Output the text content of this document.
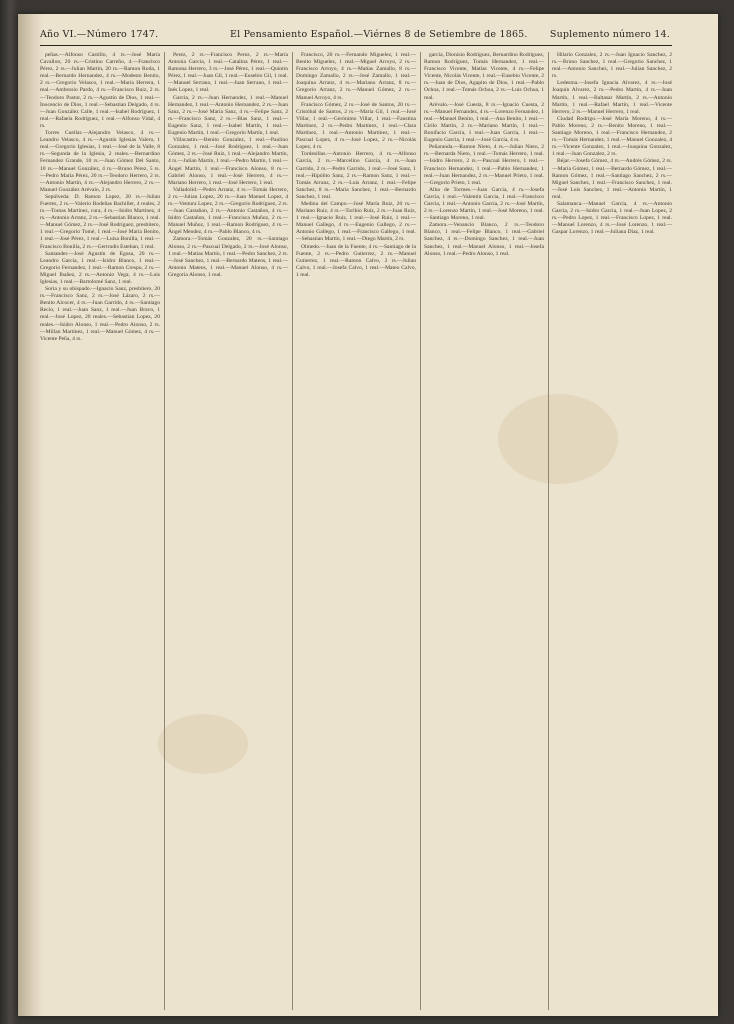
Año VI.—Número 1747.	El Pensamiento Español.—Viérnes 8 de Setiembre de 1865. Suplemento número 14.

peñas.—Alfonso Castillo, 4 rs.—José María Cavallon, 20 rs.—Cristino Carreño, 4.—Francisco Pérez, 2 rs.—Julian Martín, 20 rs.—Ramon Roda, 1 real.—Bernardo Hernandez, 4 rs.—Modesto Benito, 2 rs.—Gregorio Velasco, 1 real.—María Herrera, 1 real.—Ambrosio Pardo, 4 rs.—Francisco Ruiz, 2 rs.—Teodoro Pastor, 2 rs.—Agustín de Dios, 1 real.—Inocencio de Dios, 1 real.—Sebastian Delgado, 4 rs.—Juan González Calle, 1 real.—Isabel Rodríguez, 1 real.—Rafaela Rodríguez, 1 real.—Alfonso Vidal, 4 rs.

Torres Cuellar.—Alejandro Velasco, 4 rs.—Leandro Velasco, 4 rs.—Agustín Iglesias Valero, 1 real.—Gregorio Iglesias, 1 real.—José de la Valle, 8 rs.—Segunda de la Iglesia, 2 reales.—Bernardino Fernandez Grande, 10 rs.—Juan Gómez Del Santo, 10 rs.—Manuel González, 4 rs.—Bruno Pérez, 5 rs.—Pedro María Pérez, 20 rs.—Teodoro Herrero, 2 rs.—Antonio Martín, 4 rs.—Alejandro Herrero, 2 rs.—Manuel González Arévalo, 2 rs.

Sepúlveda: D. Ramon Lopez, 20 rs.—Julian Fuertes, 2 rs.—Valerio Bodeñas Bachiller, 4 reales, 2 rs.—Tomas Martínez, cura, 4 rs.—Isidro Martinez, 4 rs.—Antonio Arranz, 2 rs.—Sebastian Blanco, 1 real.—Manuel Gómez, 2 rs.—José Rodríguez, presbítero, 1 real.—Gregorio Tomé, 1 real.—José María Benito, 1 real.—José Pérez, 1 real.—Luisa Bonilla, 1 real.—Francisco Bonilla, 2 rs.—Gertrudis Esteban, 1 real.

Santander.—José Agustín de Egusa, 20 rs.—Leandro Garcia, 1 real.—Isidro Blanco, 1 real.—Gregorio Fernandez, 1 real.—Ramon Crespo, 2 rs.—Miguel Ibañez, 2 rs.—Antonio Vega, 4 rs.—Luis Iglesias, 1 real.—Bartolomé Sanz, 1 real.

Soria y su obispado.—Ignacio Sanz, presbítero, 20 rs.—Francisco Sanz, 2 rs.—José Lázaro, 2 rs.—Benito Alcocer, 4 rs.—Juan Garrido, 4 rs.—Santiago Recio, 1 real.—Juan Sanz, 1 real.—Juan Bravo, 1 real.—José Lopez, 20 reales.—Sebastian Lopez, 20 reales.—Isidro Alonso, 1 real.—Pedro Alonso, 2 rs.—Millan Martínez, 1 real.—Manuel Gómez, 4 rs.—Vicente Peña, 4 rs.

Perez, 2 rs.—Francisco Perez, 2 rs.—María Antonia Garcia, 1 real.—Catalina Pérez, 1 real.—Ramona Herrero, 3 rs.—José Pérez, 1 real.—Quintín Pérez, 1 real.—Juan Gil, 1 real.—Eusebio Gil, 1 real.—Manuel Serrano, 1 real.—Juan Serrano, 1 real.—Inés Lopez, 1 real.

Garcia, 2 rs.—Juan Hernandez, 1 real.—Manuel Hernandez, 1 real.—Antonio Hernandez, 2 rs.—Juan Sanz, 2 rs.—José María Sanz, 4 rs.—Felipe Sanz, 2 rs.—Francisco Sanz, 2 rs.—Blas Sanz, 1 real.—Eugenio Sanz, 1 real.—Isabel Martín, 1 real.—Eugenio Martín, 1 real.—Gregorio Martín, 1 real.

Villacastin.—Benito Gonzalez, 1 real.—Paulino Gonzalez, 1 real.—José Rodríguez, 1 real.—Juan Gómez, 2 rs.—José Ruiz, 1 real.—Alejandro Martín, 4 rs.—Julian Martín, 1 real.—Pedro Martín, 1 real.—Ángel Martín, 1 real.—Francisco Alonso, 8 rs.—Gabriel Alonso, 1 real.—José Herrero, 4 rs.—Mariano Herrero, 1 real.—José Herrero, 1 real.

Valladolid.—Pedro Arranz, 4 rs.—Tomás Herrero, 2 rs.—Julian Lopez, 20 rs.—Juan Manuel Lopez, 4 rs.—Ventura Lopez, 2 rs.—Gregorio Rodríguez, 2 rs.—Juan Castañon, 2 rs.—Antonio Castañon, 4 rs.—Isidro Castañon, 1 real.—Francisca Muñoz, 2 rs.—Manuel Muñoz, 1 real.—Ramon Rodríguez, 4 rs.—Ángel Mendez, 4 rs.—Pablo Blanco, 4 rs.

Zamora.—Tomás Gonzalez, 20 rs.—Santiago Alonso, 2 rs.—Pascual Delgado, 2 rs.—José Alonso, 1 real.—Matías Martín, 1 real.—Pedro Sanchez, 2 rs.—José Sanchez, 1 real.—Bernardo Mateos, 1 real.—Antonio Mateos, 1 real.—Manuel Alonso, 4 rs.—Gregoria Alonso, 1 real.

Francisco, 20 rs.—Fernando Miguelez, 1 real.—Benito Miguelez, 1 real.—Miguel Arroyo, 2 rs.—Francisco Arroyo, 4 rs.—Matías Zamallo, 8 rs.—Domingo Zamallo, 2 rs.—José Zamallo, 1 real.—Joaquina Arranz, 4 rs.—Mariano Arranz, 8 rs.—Gregorio Arranz, 2 rs.—Manuel Gómez, 2 rs.—Manuel Arroyo, 4 rs.

Francisco Gómez, 2 rs.—José de Santos, 20 rs.—Cristóbal de Santos, 2 rs.—María Gil, 1 real.—José Villar, 1 real.—Gerónimo Villar, 1 real.—Faustina Martínez, 2 rs.—Pedro Martínez, 1 real.—Clara Martínez, 1 real.—Antonio Martínez, 1 real.—Pascual Lopez, 4 rs.—José Lopez, 2 rs.—Nicolás Lopez, 4 rs.

Tordesillas.—Antonio Herrero, 4 rs.—Alfonso García, 2 rs.—Marcelino García, 4 rs.—Juan Garrido, 2 rs.—Pedro Garrido, 1 real.—José Sanz, 1 real.—Hipólito Sanz, 2 rs.—Ramon Sanz, 1 real.—Tomás Arranz, 2 rs.—Luis Arranz, 1 real.—Felipe Sanchez, 8 rs.—María Sanchez, 1 real.—Bernardo Sanchez, 1 real.

Medina del Campo.—José María Ruiz, 20 rs.—Mariano Ruiz, 4 rs.—Toribio Ruiz, 2 rs.—Juan Ruiz, 1 real.—Ignacio Ruiz, 1 real.—José Ruiz, 1 real.—Manuel Gallego, 4 rs.—Eugenio Gallego, 2 rs.—Antonio Gallego, 1 real.—Francisco Gallego, 1 real.—Sebastian Martín, 1 real.—Diego Martín, 2 rs.

Olmedo.—Juan de la Fuente, 4 rs.—Santiago de la Fuente, 2 rs.—Pedro Gutierrez, 2 rs.—Manuel Gutierrez, 1 real.—Ramon Calvo, 2 rs.—Julian Calvo, 1 real.—Josefa Calvo, 1 real.—Mateo Calvo, 1 real.

garcia, Dionisio Rodríguez, Bernardino Rodríguez, Ramon Rodríguez, Tomás Hernandez, 1 real.—Francisco Vicente, Matías Vicente, 4 rs.—Felipe Vicente, Nicolás Vicente, 1 real.—Eusebio Vicente, 2 rs.—Juan de Dios, Agapito de Dios, 1 real.—Pablo Ochoa, 1 real.—Tomás Ochoa, 2 rs.—Luis Ochoa, 1 real.

Arévalo.—José Cuesta, 8 rs.—Ignacio Cuesta, 2 rs.—Manuel Fernandez, 4 rs.—Lorenzo Fernandez, 1 real.—Manuel Benito, 1 real.—Ana Benito, 1 real.—Cirilo Martín, 2 rs.—Mariano Martín, 1 real.—Bonifacio García, 1 real.—Juan García, 1 real.—Eugenio García, 1 real.—José García, 4 rs.

Peñaranda.—Ramon Nieto, 4 rs.—Julian Nieto, 2 rs.—Bernarda Nieto, 1 real.—Tomás Herrero, 1 real.—Isidro Herrero, 2 rs.—Pascual Herrero, 1 real.—Francisco Hernandez, 1 real.—Pablo Hernandez, 1 real.—Juan Hernandez, 2 rs.—Manuel Prieto, 1 real.—Gregorio Prieto, 1 real.

Alba de Tormes.—Juan Garcia, 4 rs.—Josefa Garcia, 1 real.—Valentin Garcia, 1 real.—Francisco Garcia, 1 real.—Antonio Garcia, 2 rs.—José Martín, 2 rs.—Lorenzo Martín, 1 real.—José Moreno, 1 real.—Santiago Moreno, 1 real.

Zamora.—Venancio Blanco, 2 rs.—Teodoro Blanco, 1 real.—Felipe Blanco, 1 real.—Gabriel Sanchez, 4 rs.—Domingo Sanchez, 1 real.—Juan Sanchez, 1 real.—Manuel Alonso, 1 real.—Josefa Alonso, 1 real.—Pedro Alonso, 1 real.

Hilario Gonzalez, 2 rs.—Juan Ignacio Sanchez, 2 rs.—Bruno Sanchez, 1 real.—Gregorio Sanchez, 1 real.—Antonio Sanchez, 1 real.—Julian Sanchez, 2 rs.

Ledesma.—Josefa Ignacia Alvarez, 4 rs.—José Joaquín Alvarez, 2 rs.—Pedro Martín, 4 rs.—Juan Martín, 1 real.—Baltasar Martín, 2 rs.—Antonio Martín, 1 real.—Rafael Martín, 1 real.—Vicente Herrero, 2 rs.—Manuel Herrero, 1 real.

Ciudad Rodrigo.—José María Moreno, 4 rs.—Pablo Moreno, 2 rs.—Benito Moreno, 1 real.—Santiago Moreno, 1 real.—Francisco Hernandez, 2 rs.—Tomás Hernandez, 1 real.—Manuel Gonzalez, 4 rs.—Vicente Gonzalez, 1 real.—Joaquina Gonzalez, 1 real.—Juan Gonzalez, 2 rs.

Béjar.—Josefa Gómez, 4 rs.—Andrés Gómez, 2 rs.—María Gómez, 1 real.—Bernardo Gómez, 1 real.—Ramon Gómez, 1 real.—Santiago Sanchez, 2 rs.—Miguel Sanchez, 1 real.—Francisco Sanchez, 1 real.—José Luis Sanchez, 1 real.—Antonio Martín, 1 real.

Salamanca.—Manuel Garcia, 4 rs.—Antonio Garcia, 2 rs.—Isidro Garcia, 1 real.—Juan Lopez, 2 rs.—Pedro Lopez, 1 real.—Francisco Lopez, 1 real.—Manuel Lorenzo, 4 rs.—José Lorenzo, 1 real.—Gaspar Lorenzo, 1 real.—Juliana Díaz, 1 real.
